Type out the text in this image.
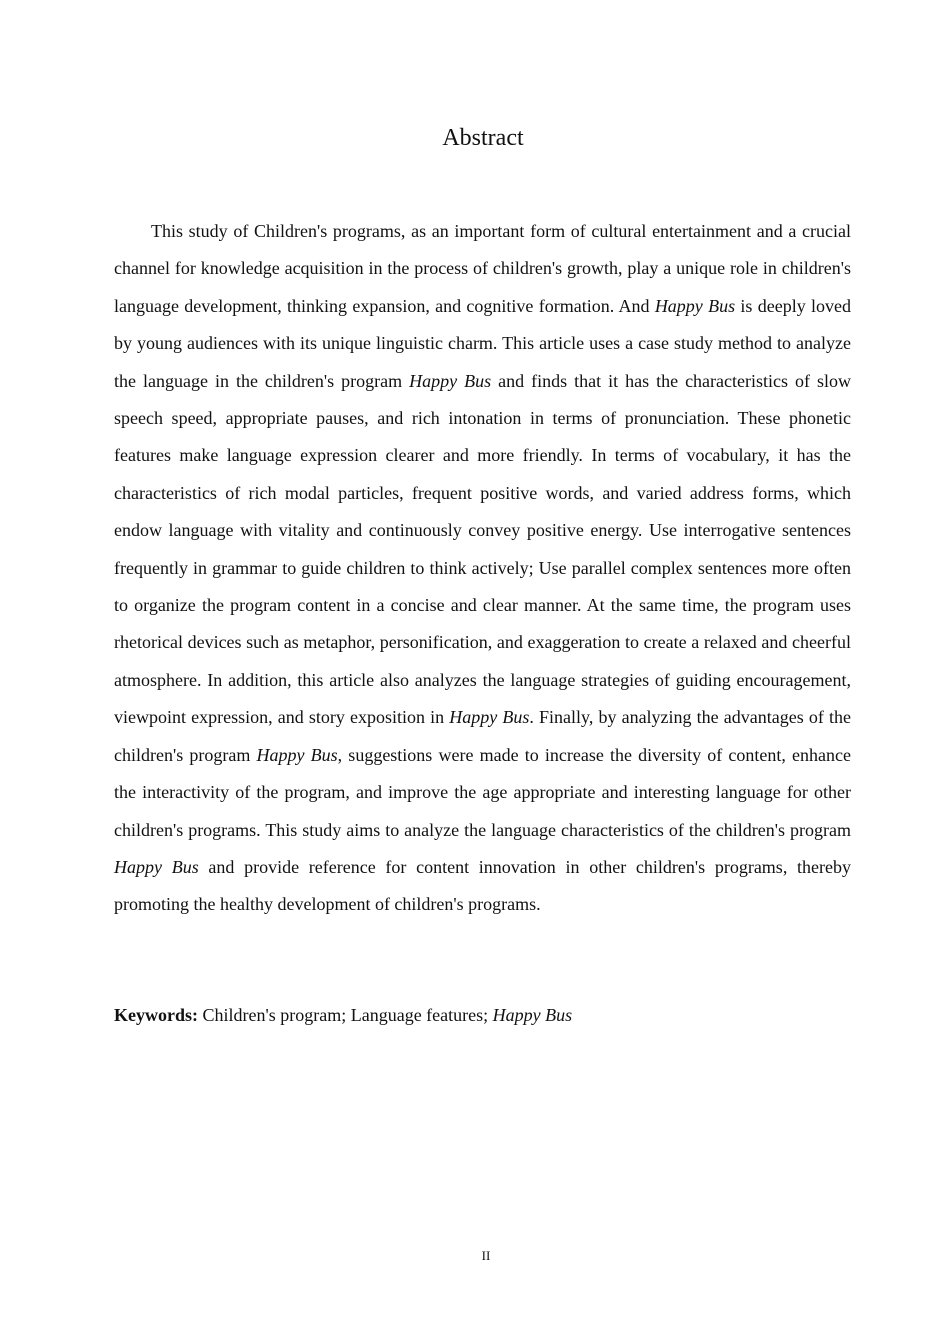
Abstract

This study of Children's programs, as an important form of cultural entertainment and a crucial channel for knowledge acquisition in the process of children's growth, play a unique role in children's language development, thinking expansion, and cognitive formation. And Happy Bus is deeply loved by young audiences with its unique linguistic charm. This article uses a case study method to analyze the language in the children's program Happy Bus and finds that it has the characteristics of slow speech speed, appropriate pauses, and rich intonation in terms of pronunciation. These phonetic features make language expression clearer and more friendly. In terms of vocabulary, it has the characteristics of rich modal particles, frequent positive words, and varied address forms, which endow language with vitality and continuously convey positive energy. Use interrogative sentences frequently in grammar to guide children to think actively; Use parallel complex sentences more often to organize the program content in a concise and clear manner. At the same time, the program uses rhetorical devices such as metaphor, personification, and exaggeration to create a relaxed and cheerful atmosphere. In addition, this article also analyzes the language strategies of guiding encouragement, viewpoint expression, and story exposition in Happy Bus. Finally, by analyzing the advantages of the children's program Happy Bus, suggestions were made to increase the diversity of content, enhance the interactivity of the program, and improve the age appropriate and interesting language for other children's programs. This study aims to analyze the language characteristics of the children's program Happy Bus and provide reference for content innovation in other children's programs, thereby promoting the healthy development of children's programs.

Keywords: Children's program; Language features; Happy Bus

II
